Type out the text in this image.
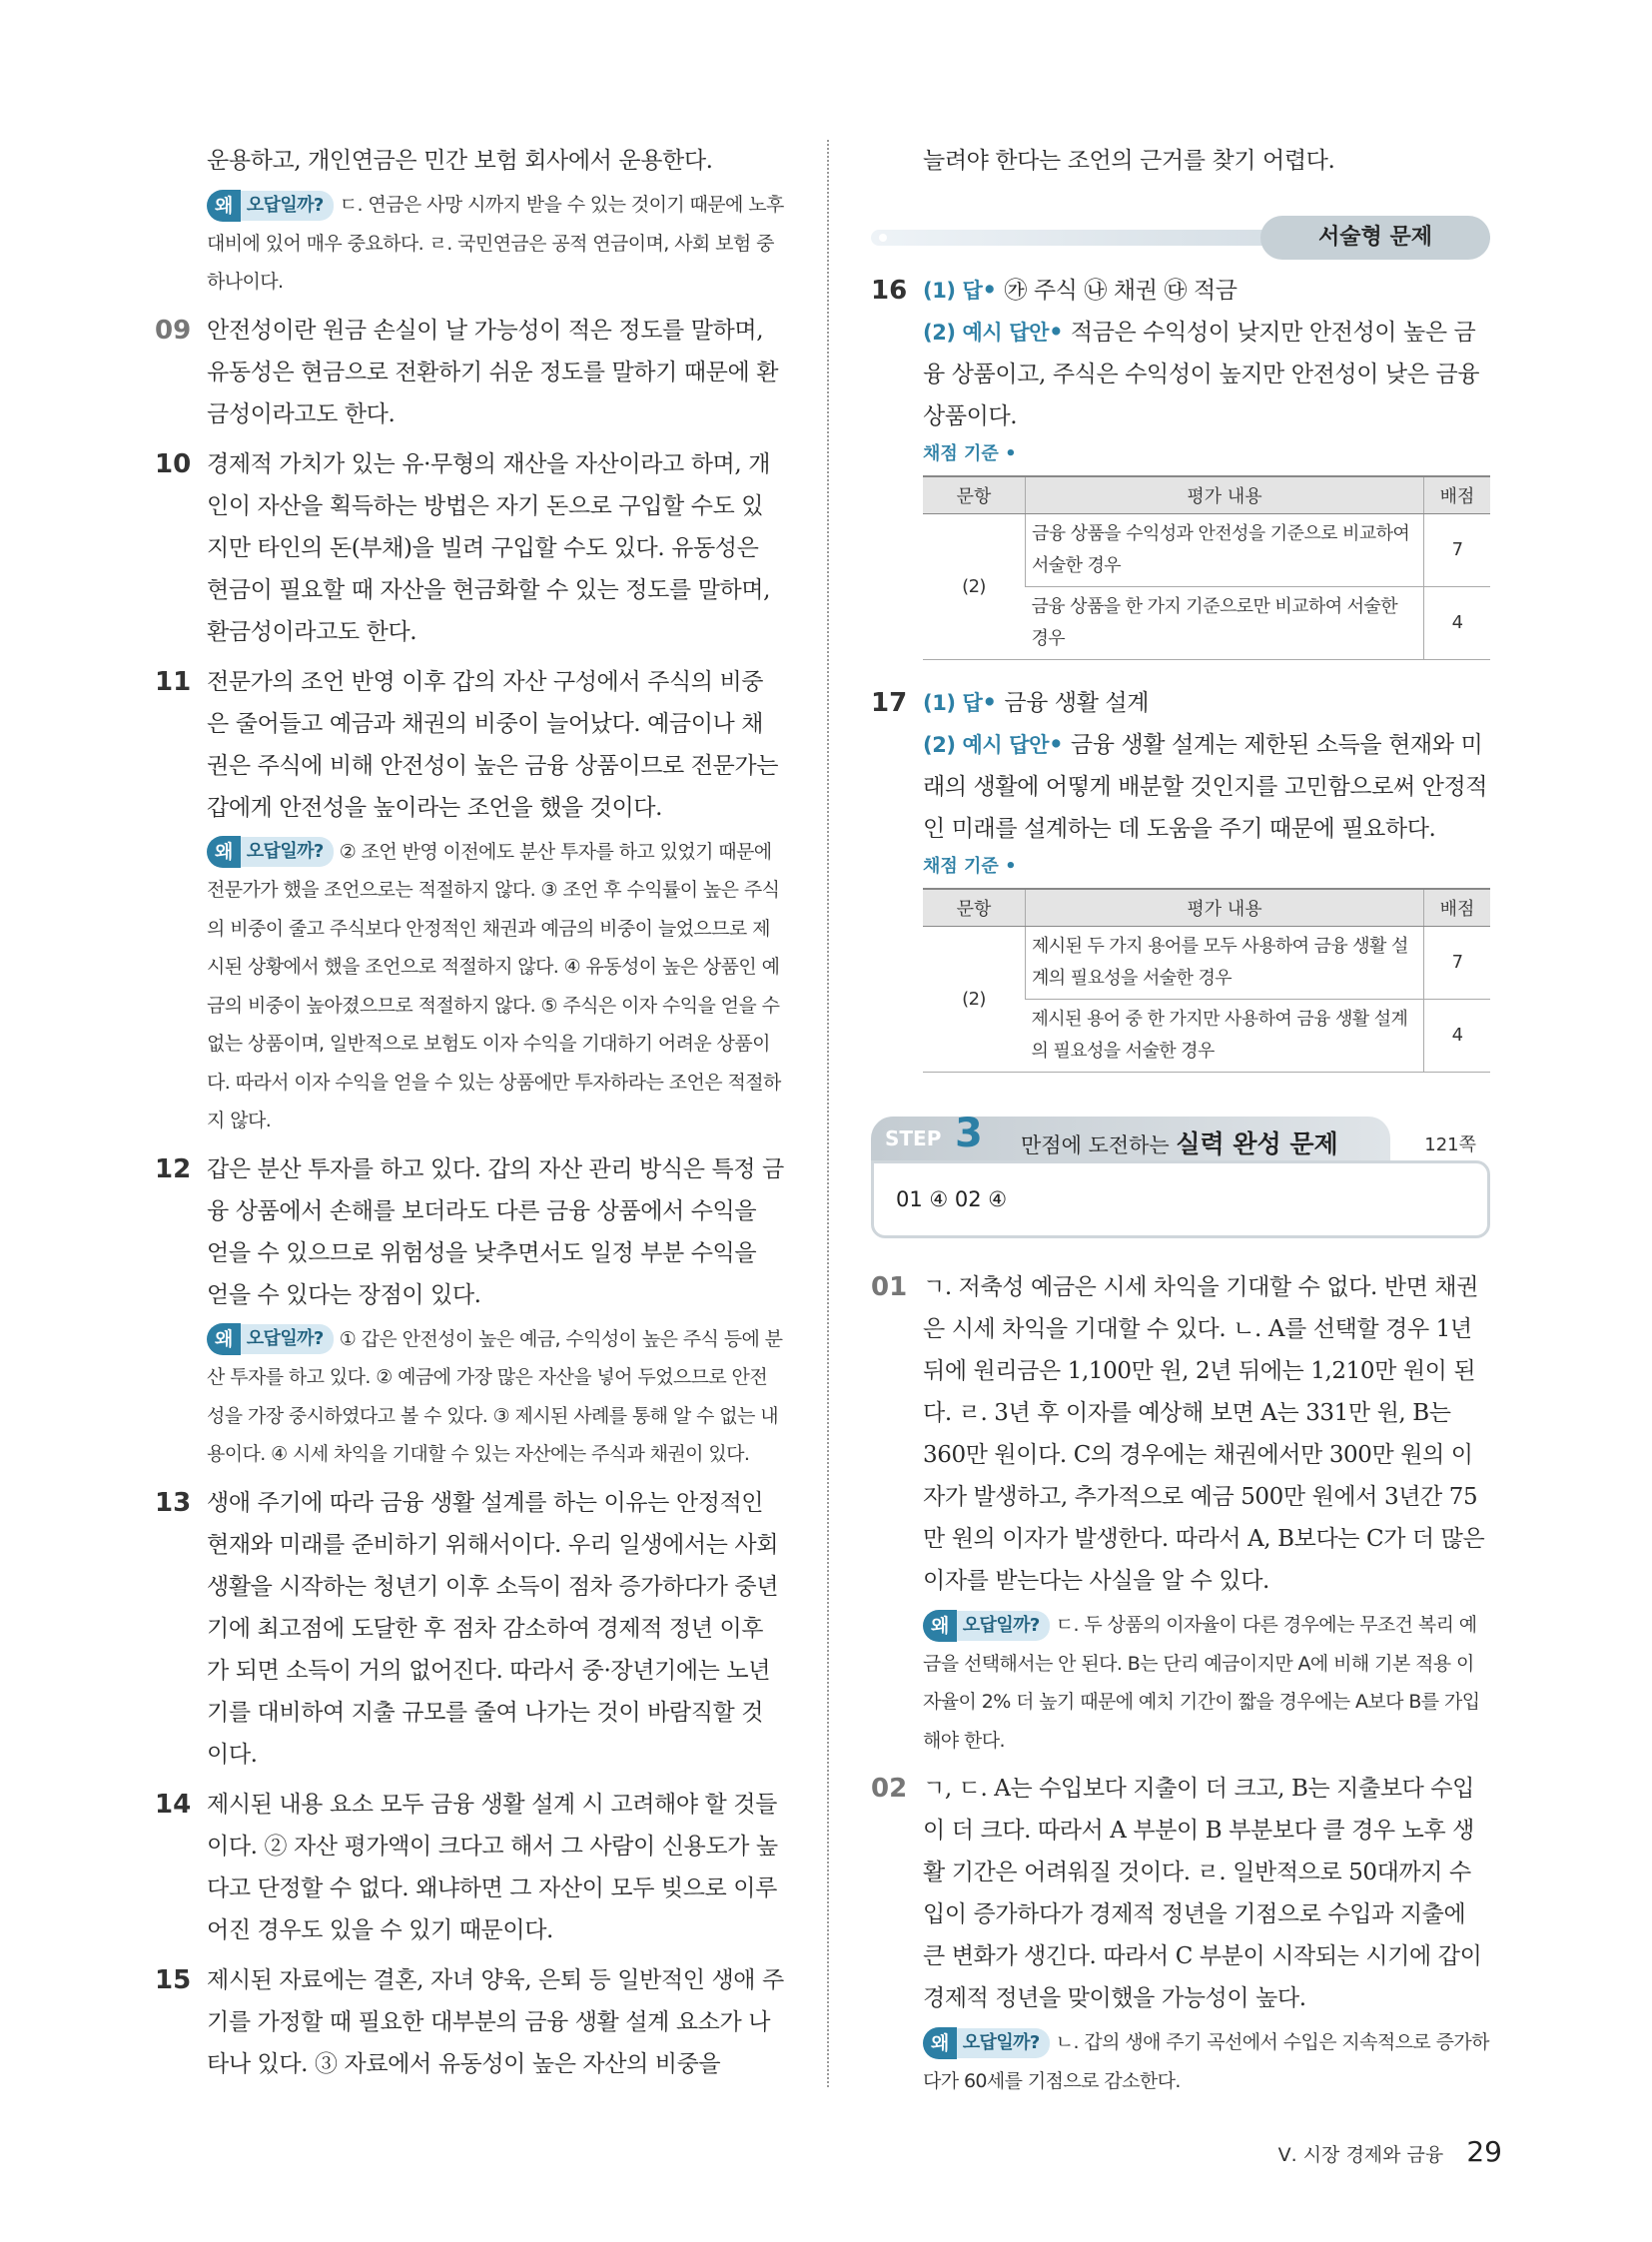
운용하고, 개인연금은 민간 보험 회사에서 운용한다.

왜 오답일까? ㄷ. 연금은 사망 시까지 받을 수 있는 것이기 때문에 노후 대비에 있어 매우 중요하다. ㄹ. 국민연금은 공적 연금이며, 사회 보험 중 하나이다.
09 안전성이란 원금 손실이 날 가능성이 적은 정도를 말하며, 유동성은 현금으로 전환하기 쉬운 정도를 말하기 때문에 환금성이라고도 한다.

10 경제적 가치가 있는 유·무형의 재산을 자산이라고 하며, 개인이 자산을 획득하는 방법은 자기 돈으로 구입할 수도 있지만 타인의 돈(부채)을 빌려 구입할 수도 있다. 유동성은 현금이 필요할 때 자산을 현금화할 수 있는 정도를 말하며, 환금성이라고도 한다.

11 전문가의 조언 반영 이후 갑의 자산 구성에서 주식의 비중은 줄어들고 예금과 채권의 비중이 늘어났다. 예금이나 채권은 주식에 비해 안전성이 높은 금융 상품이므로 전문가는 갑에게 안전성을 높이라는 조언을 했을 것이다.

왜 오답일까? ② 조언 반영 이전에도 분산 투자를 하고 있었기 때문에 전문가가 했을 조언으로는 적절하지 않다. ③ 조언 후 수익률이 높은 주식의 비중이 줄고 주식보다 안정적인 채권과 예금의 비중이 늘었으므로 제시된 상황에서 했을 조언으로 적절하지 않다. ④ 유동성이 높은 상품인 예금의 비중이 높아졌으므로 적절하지 않다. ⑤ 주식은 이자 수익을 얻을 수 없는 상품이며, 일반적으로 보험도 이자 수익을 기대하기 어려운 상품이다. 따라서 이자 수익을 얻을 수 있는 상품에만 투자하라는 조언은 적절하지 않다.
12 갑은 분산 투자를 하고 있다. 갑의 자산 관리 방식은 특정 금융 상품에서 손해를 보더라도 다른 금융 상품에서 수익을 얻을 수 있으므로 위험성을 낮추면서도 일정 부분 수익을 얻을 수 있다는 장점이 있다.

왜 오답일까? ① 갑은 안전성이 높은 예금, 수익성이 높은 주식 등에 분산 투자를 하고 있다. ② 예금에 가장 많은 자산을 넣어 두었으므로 안전성을 가장 중시하였다고 볼 수 있다. ③ 제시된 사례를 통해 알 수 없는 내용이다. ④ 시세 차익을 기대할 수 있는 자산에는 주식과 채권이 있다.
13 생애 주기에 따라 금융 생활 설계를 하는 이유는 안정적인 현재와 미래를 준비하기 위해서이다. 우리 일생에서는 사회생활을 시작하는 청년기 이후 소득이 점차 증가하다가 중년기에 최고점에 도달한 후 점차 감소하여 경제적 정년 이후가 되면 소득이 거의 없어진다. 따라서 중·장년기에는 노년기를 대비하여 지출 규모를 줄여 나가는 것이 바람직할 것이다.

14 제시된 내용 요소 모두 금융 생활 설계 시 고려해야 할 것들이다. ② 자산 평가액이 크다고 해서 그 사람이 신용도가 높다고 단정할 수 없다. 왜냐하면 그 자산이 모두 빚으로 이루어진 경우도 있을 수 있기 때문이다.

15 제시된 자료에는 결혼, 자녀 양육, 은퇴 등 일반적인 생애 주기를 가정할 때 필요한 대부분의 금융 생활 설계 요소가 나타나 있다. ③ 자료에서 유동성이 높은 자산의 비중을

늘려야 한다는 조언의 근거를 찾기 어렵다.

서술형 문제
16 (1) 답• ㉮ 주식 ㉯ 채권 ㉰ 적금

(2) 예시 답안• 적금은 수익성이 낮지만 안전성이 높은 금융 상품이고, 주식은 수익성이 높지만 안전성이 낮은 금융 상품이다.

채점 기준 •
문항	평가 내용	배점
(2)	금융 상품을 수익성과 안전성을 기준으로 비교하여 서술한 경우	7
	금융 상품을 한 가지 기준으로만 비교하여 서술한 경우	4
17 (1) 답• 금융 생활 설계

(2) 예시 답안• 금융 생활 설계는 제한된 소득을 현재와 미래의 생활에 어떻게 배분할 것인지를 고민함으로써 안정적인 미래를 설계하는 데 도움을 주기 때문에 필요하다.

채점 기준 •
문항	평가 내용	배점
(2)	제시된 두 가지 용어를 모두 사용하여 금융 생활 설계의 필요성을 서술한 경우	7
	제시된 용어 중 한 가지만 사용하여 금융 생활 설계의 필요성을 서술한 경우	4
STEP 3 만점에 도전하는 실력 완성 문제	121쪽
01 ④ 02 ④
01 ㄱ. 저축성 예금은 시세 차익을 기대할 수 없다. 반면 채권은 시세 차익을 기대할 수 있다. ㄴ. A를 선택할 경우 1년 뒤에 원리금은 1,100만 원, 2년 뒤에는 1,210만 원이 된다. ㄹ. 3년 후 이자를 예상해 보면 A는 331만 원, B는 360만 원이다. C의 경우에는 채권에서만 300만 원의 이자가 발생하고, 추가적으로 예금 500만 원에서 3년간 75만 원의 이자가 발생한다. 따라서 A, B보다는 C가 더 많은 이자를 받는다는 사실을 알 수 있다.

왜 오답일까? ㄷ. 두 상품의 이자율이 다른 경우에는 무조건 복리 예금을 선택해서는 안 된다. B는 단리 예금이지만 A에 비해 기본 적용 이자율이 2% 더 높기 때문에 예치 기간이 짧을 경우에는 A보다 B를 가입해야 한다.
02 ㄱ, ㄷ. A는 수입보다 지출이 더 크고, B는 지출보다 수입이 더 크다. 따라서 A 부분이 B 부분보다 클 경우 노후 생활 기간은 어려워질 것이다. ㄹ. 일반적으로 50대까지 수입이 증가하다가 경제적 정년을 기점으로 수입과 지출에 큰 변화가 생긴다. 따라서 C 부분이 시작되는 시기에 갑이 경제적 정년을 맞이했을 가능성이 높다.

왜 오답일까? ㄴ. 갑의 생애 주기 곡선에서 수입은 지속적으로 증가하다가 60세를 기점으로 감소한다.
Ⅴ. 시장 경제와 금융 29
